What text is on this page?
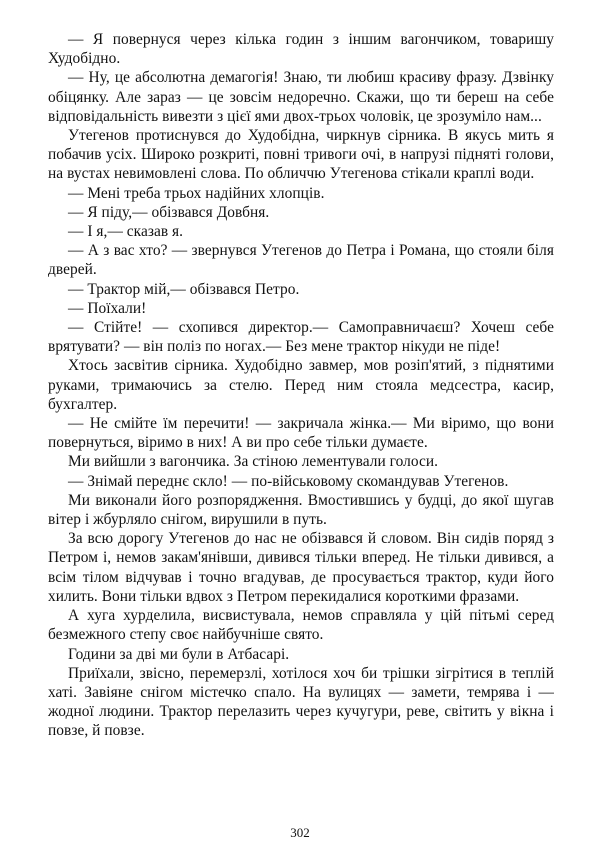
— Я повернуся через кілька годин з іншим вагончиком, товаришу Худобідно.

— Ну, це абсолютна демагогія! Знаю, ти любиш красиву фразу. Дзвінку обіцянку. Але зараз — це зовсім недоречно. Скажи, що ти береш на себе відповідальність вивезти з цієї ями двох-трьох чоловік, це зрозуміло нам...

Утегенов протиснувся до Худобідна, чиркнув сірника. В якусь мить я побачив усіх. Широко розкриті, повні тривоги очі, в напрузі підняті голови, на вустах невимовлені слова. По обличчю Утегенова стікали краплі води.

— Мені треба трьох надійних хлопців.

— Я піду,— обізвався Довбня.

— І я,— сказав я.

— А з вас хто? — звернувся Утегенов до Петра і Романа, що стояли біля дверей.

— Трактор мій,— обізвався Петро.

— Поїхали!

— Стійте! — схопився директор.— Самоправничаєш? Хочеш себе врятувати? — він поліз по ногах.— Без мене трактор нікуди не піде!

Хтось засвітив сірника. Худобідно завмер, мов розіп'ятий, з піднятими руками, тримаючись за стелю. Перед ним стояла медсестра, касир, бухгалтер.

— Не смійте їм перечити! — закричала жінка.— Ми віримо, що вони повернуться, віримо в них! А ви про себе тільки думаєте.

Ми вийшли з вагончика. За стіною лементували голоси.

— Знімай переднє скло! — по-військовому скомандував Утегенов.

Ми виконали його розпорядження. Вмостившись у будці, до якої шугав вітер і жбурляло снігом, вирушили в путь.

За всю дорогу Утегенов до нас не обізвався й словом. Він сидів поряд з Петром і, немов закам'янівши, дивився тільки вперед. Не тільки дивився, а всім тілом відчував і точно вгадував, де просувається трактор, куди його хилить. Вони тільки вдвох з Петром перекидалися короткими фразами.

А хуга хурделила, висвистувала, немов справляла у цій пітьмі серед безмежного степу своє найбучніше свято.

Години за дві ми були в Атбасарі.

Приїхали, звісно, перемерзлі, хотілося хоч би трішки зігрітися в теплій хаті. Завіяне снігом містечко спало. На вулицях — замети, темрява і — жодної людини. Трактор перелазить через кучугури, реве, світить у вікна і повзе, й повзе.

302
